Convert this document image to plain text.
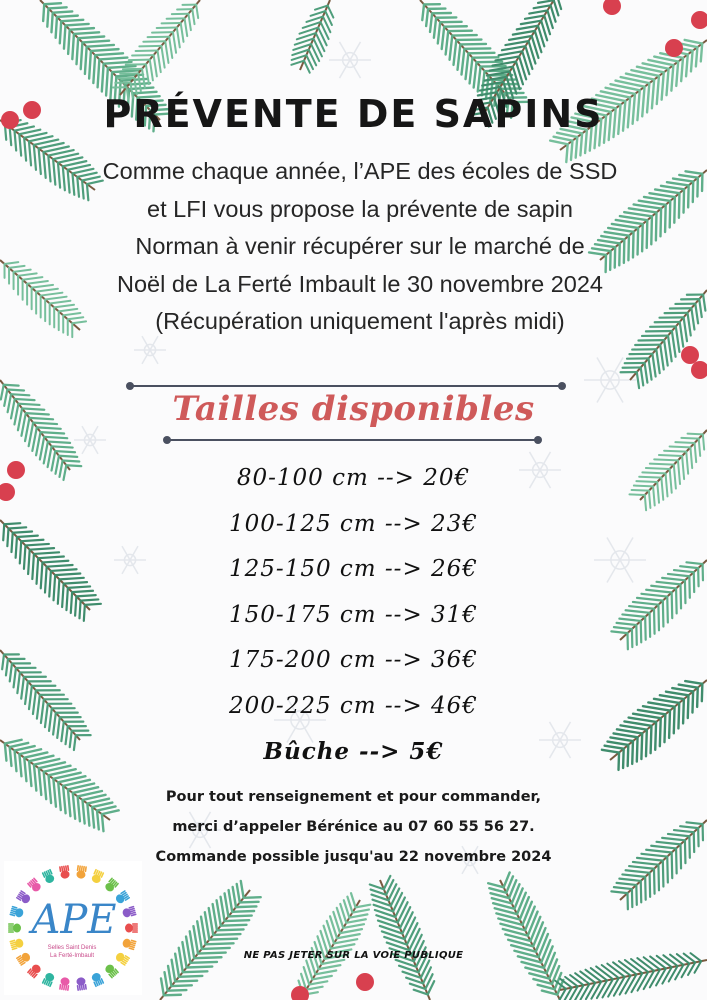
PRÉVENTE DE SAPINS
Comme chaque année, l’APE des écoles de SSD
et LFI vous propose la prévente de sapin
Norman à venir récupérer sur le marché de
Noël de La Ferté Imbault le 30 novembre 2024
(Récupération uniquement l'après midi)
Tailles disponibles
80-100 cm --> 20€
100-125 cm --> 23€
125-150 cm --> 26€
150-175 cm --> 31€
175-200 cm --> 36€
200-225 cm --> 46€
Bûche --> 5€
Pour tout renseignement et pour commander,
merci d’appeler Bérénice au 07 60 55 56 27.
Commande possible jusqu'au 22 novembre 2024
NE PAS JETER SUR LA VOIE PUBLIQUE
APE
Selles Saint Denis
La Ferté-Imbault
